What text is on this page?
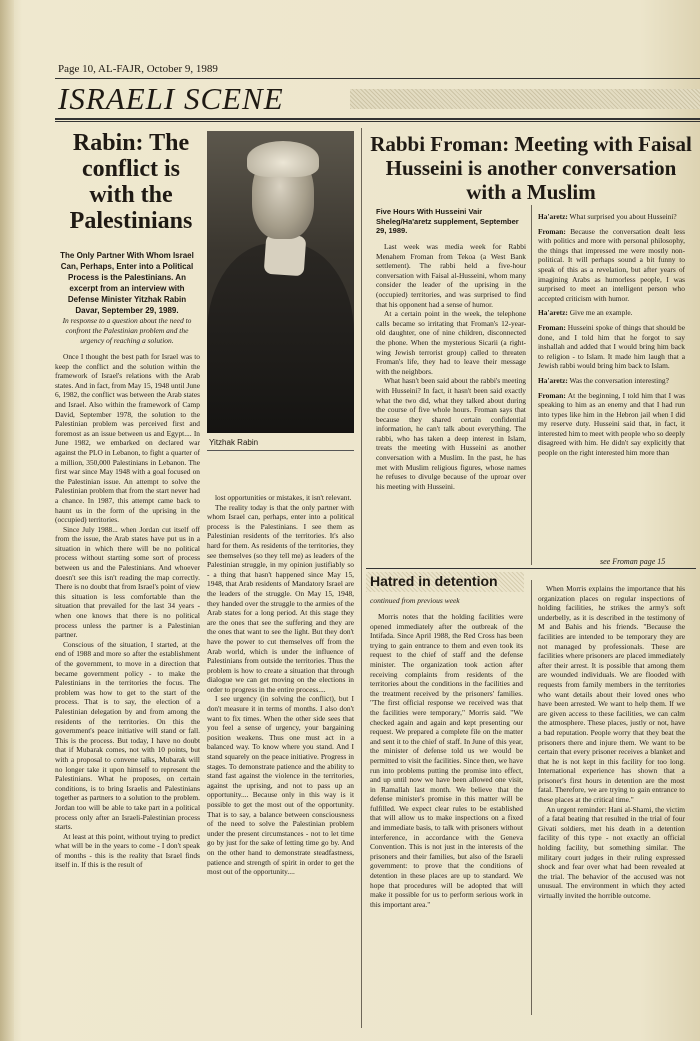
Page 10, AL-FAJR, October 9, 1989
ISRAELI SCENE
Rabin: The conflict is with the Palestinians
The Only Partner With Whom Israel Can, Perhaps, Enter into a Political Process is the Palestinians. An excerpt from an interview with Defense Minister Yitzhak Rabin Davar, September 29, 1989.
In response to a question about the need to confront the Palestinian problem and the urgency of reaching a solution.

Once I thought the best path for Israel was to keep the conflict and the solution within the framework of Israel's relations with the Arab states. And in fact, from May 15, 1948 until June 6, 1982, the conflict was between the Arab states and Israel. Also within the framework of Camp David, September 1978, the solution to the Palestinian problem was perceived first and foremost as an issue between us and Egypt.... In June 1982, we embarked on declared war against the PLO in Lebanon, to fight a quarter of a million, 350,000 Palestinians in Lebanon. The first war since May 1948 with a goal focused on the Palestinian issue. An attempt to solve the Palestinian problem that from the start never had a chance. In 1987, this attempt came back to haunt us in the form of the uprising in the (occupied) territories.

Since July 1988... when Jordan cut itself off from the issue, the Arab states have put us in a situation in which there will be no political process without starting some sort of process between us and the Palestinians. And whoever doesn't see this isn't reading the map correctly. There is no doubt that from Israel's point of view this situation is less comfortable than the situation that prevailed for the last 34 years - when one knows that there is no political process unless the partner is a Palestinian partner.

Conscious of the situation, I started, at the end of 1988 and more so after the establishment of the government, to move in a direction that became government policy - to make the Palestinians in the territories the focus. The problem was how to get to the start of the process. That is to say, the election of a Palestinian delegation by and from among the residents of the territories. On this the government's peace initiative will stand or fall. This is the process. But today, I have no doubt that if Mubarak comes, not with 10 points, but with a proposal to convene talks, Mubarak will no longer take it upon himself to represent the Palestinians. What he proposes, on certain conditions, is to bring Israelis and Palestinians together as partners to a solution to the problem. Jordan too will be able to take part in a political process only after an Israeli-Palestinian process starts.

At least at this point, without trying to predict what will be in the years to come - I don't speak of months - this is the reality that Israel finds itself in. If this is the result of

Yitzhak Rabin

lost opportunities or mistakes, it isn't relevant.

The reality today is that the only partner with whom Israel can, perhaps, enter into a political process is the Palestinians. I see them as Palestinian residents of the territories. It's also hard for them. As residents of the territories, they see themselves (so they tell me) as leaders of the Palestinian struggle, in my opinion justifiably so - a thing that hasn't happened since May 15, 1948, that Arab residents of Mandatory Israel are the leaders of the struggle. On May 15, 1948, they handed over the struggle to the armies of the Arab states for a long period. At this stage they are the ones that see the suffering and they are the ones that want to see the light. But they don't have the power to cut themselves off from the Arab world, which is under the influence of Palestinians from outside the territories. Thus the problem is how to create a situation that through dialogue we can get moving on the elections in order to progress in the entire process....

I see urgency (in solving the conflict), but I don't measure it in terms of months. I also don't want to fix times. When the other side sees that you feel a sense of urgency, your bargaining position weakens. Thus one must act in a balanced way. To know where you stand. And I stand squarely on the peace initiative. Progress in stages. To demonstrate patience and the ability to stand fast against the violence in the territories, against the uprising, and not to pass up an opportunity.... Because only in this way is it possible to get the most out of the opportunity. That is to say, a balance between consciousness of the need to solve the Palestinian problem under the present circumstances - not to let time go by just for the sake of letting time go by. And on the other hand to demonstrate steadfastness, patience and strength of spirit in order to get the most out of the opportunity....

Rabbi Froman: Meeting with Faisal Husseini is another conversation with a Muslim
Five Hours With Husseini Vair Sheleg/Ha'aretz supplement, September 29, 1989.

Last week was media week for Rabbi Menahem Froman from Tekoa (a West Bank settlement). The rabbi held a five-hour conversation with Faisal al-Husseini, whom many consider the leader of the uprising in the (occupied) territories, and was surprised to find that his opponent had a sense of humor.

At a certain point in the week, the telephone calls became so irritating that Froman's 12-year-old daughter, one of nine children, disconnected the phone. When the mysterious Sicarii (a right-wing Jewish terrorist group) called to threaten Froman's life, they had to leave their message with the neighbors.

What hasn't been said about the rabbi's meeting with Husseini? In fact, it hasn't been said exactly what the two did, what they talked about during the course of five whole hours. Froman says that because they shared certain confidential information, he can't talk about everything. The rabbi, who has taken a deep interest in Islam, treats the meeting with Husseini as another conversation with a Muslim. In the past, he has met with Muslim religious figures, whose names he refuses to divulge because of the uproar over his meeting with Husseini.

Ha'aretz: What surprised you about Husseini?

Froman: Because the conversation dealt less with politics and more with personal philosophy, the things that impressed me were mostly non-political. It will perhaps sound a bit funny to speak of this as a revelation, but after years of imagining Arabs as humorless people, I was surprised to meet an intelligent person who accepted criticism with humor.

Ha'aretz: Give me an example.

Froman: Husseini spoke of things that should be done, and I told him that he forgot to say inshallah and added that I would bring him back to religion - to Islam. It made him laugh that a Jewish rabbi would bring him back to Islam.

Ha'aretz: Was the conversation interesting?

Froman: At the beginning, I told him that I was speaking to him as an enemy and that I had run into types like him in the Hebron jail when I did my reserve duty. Husseini said that, in fact, it interested him to meet with people who so deeply disagreed with him. He didn't say explicitly that people on the right interested him more than

see Froman page 15
Hatred in detention
continued from previous week

Morris notes that the holding facilities were opened immediately after the outbreak of the Intifada. Since April 1988, the Red Cross has been trying to gain entrance to them and even took its request to the chief of staff and the defense minister. The organization took action after receiving complaints from residents of the territories about the conditions in the facilities and the treatment received by the prisoners' families. "The first official response we received was that the facilities were temporary," Morris said. "We checked again and again and kept presenting our request. We prepared a complete file on the matter and sent it to the chief of staff. In June of this year, the minister of defense told us we would be permitted to visit the facilities. Since then, we have run into problems putting the promise into effect, and up until now we have been allowed one visit, in Ramallah last month. We believe that the defense minister's promise in this matter will be fulfilled. We expect clear rules to be established that will allow us to make inspections on a fixed and immediate basis, to talk with prisoners without interference, in accordance with the Geneva Convention. This is not just in the interests of the prisoners and their families, but also of the Israeli government: to prove that the conditions of detention in these places are up to standard. We hope that procedures will be adopted that will make it possible for us to perform serious work in this important area."

When Morris explains the importance that his organization places on regular inspections of holding facilities, he strikes the army's soft underbelly, as it is described in the testimony of M and Bahis and his friends. "Because the facilities are intended to be temporary they are not managed by professionals. These are facilities where prisoners are placed immediately after their arrest. It is possible that among them are wounded individuals. We are flooded with requests from family members in the territories who want details about their loved ones who have been arrested. We want to help them. If we are given access to these facilities, we can calm the atmosphere. These places, justly or not, have a bad reputation. People worry that they beat the prisoners there and injure them. We want to be certain that every prisoner receives a blanket and that he is not kept in this facility for too long. International experience has shown that a prisoner's first hours in detention are the most fatal. Therefore, we are trying to gain entrance to these places at the critical time."

An urgent reminder: Hani al-Shami, the victim of a fatal beating that resulted in the trial of four Givati soldiers, met his death in a detention facility of this type - not exactly an official holding facility, but something similar. The military court judges in their ruling expressed shock and fear over what had been revealed at the trial. The behavior of the accused was not unusual. The environment in which they acted virtually invited the horrible outcome.
